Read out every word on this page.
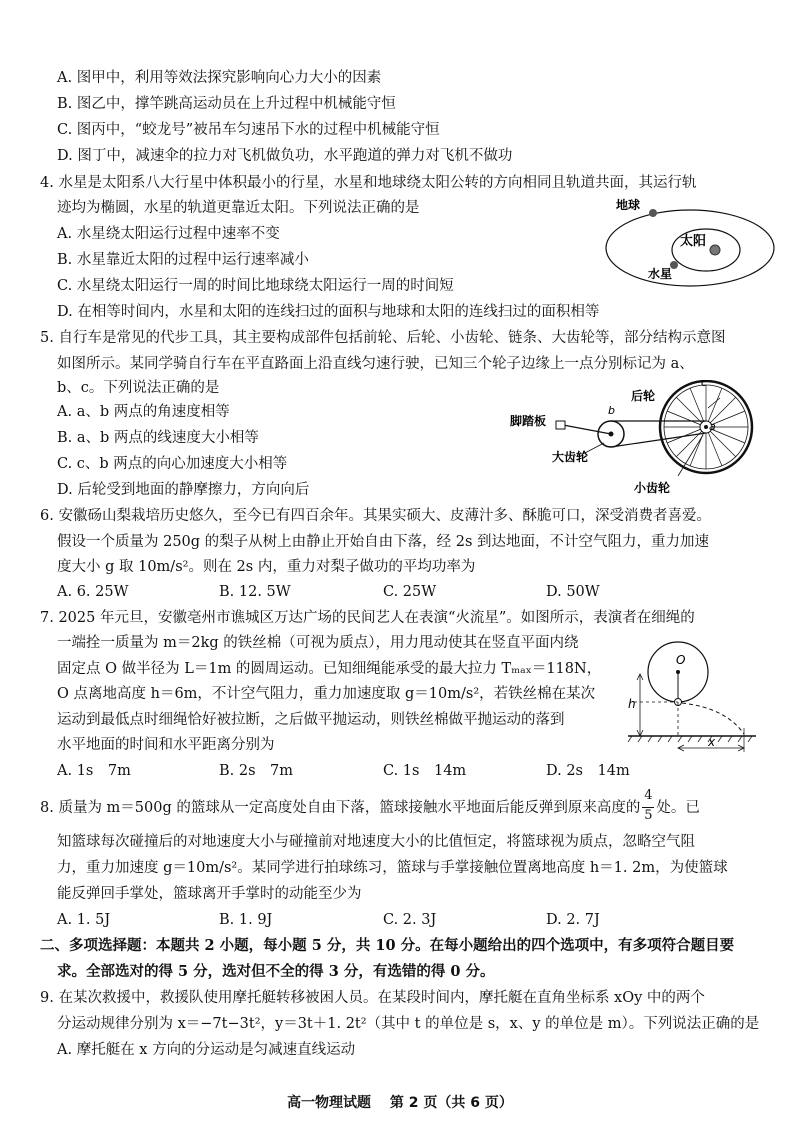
A. 图甲中，利用等效法探究影响向心力大小的因素
B. 图乙中，撑竿跳高运动员在上升过程中机械能守恒
C. 图丙中，“蛟龙号”被吊车匀速吊下水的过程中机械能守恒
D. 图丁中，减速伞的拉力对飞机做负功，水平跑道的弹力对飞机不做功
4. 水星是太阳系八大行星中体积最小的行星，水星和地球绕太阳公转的方向相同且轨道共面，其运行轨
迹均为椭圆，水星的轨道更靠近太阳。下列说法正确的是
A. 水星绕太阳运行过程中速率不变
B. 水星靠近太阳的过程中运行速率减小
C. 水星绕太阳运行一周的时间比地球绕太阳运行一周的时间短
D. 在相等时间内，水星和太阳的连线扫过的面积与地球和太阳的连线扫过的面积相等
地球
太阳
水星
5. 自行车是常见的代步工具，其主要构成部件包括前轮、后轮、小齿轮、链条、大齿轮等，部分结构示意图
如图所示。某同学骑自行车在平直路面上沿直线匀速行驶，已知三个轮子边缘上一点分别标记为 a、
b、c。下列说法正确的是
A. a、b 两点的角速度相等
B. a、b 两点的线速度大小相等
C. c、b 两点的向心加速度大小相等
D. 后轮受到地面的静摩擦力，方向向后
c
a
b
后轮
脚踏板
大齿轮
小齿轮
6. 安徽砀山梨栽培历史悠久，至今已有四百余年。其果实硕大、皮薄汁多、酥脆可口，深受消费者喜爱。
假设一个质量为 250g 的梨子从树上由静止开始自由下落，经 2s 到达地面，不计空气阻力，重力加速
度大小 g 取 10m/s²。则在 2s 内，重力对梨子做功的平均功率为
A. 6. 25W	B. 12. 5W	C. 25W	D. 50W
7. 2025 年元旦，安徽亳州市谯城区万达广场的民间艺人在表演“火流星”。如图所示，表演者在细绳的
一端拴一质量为 m＝2kg 的铁丝棉（可视为质点），用力甩动使其在竖直平面内绕
固定点 O 做半径为 L＝1m 的圆周运动。已知细绳能承受的最大拉力 Tₘₐₓ＝118N，
O 点离地高度 h＝6m，不计空气阻力，重力加速度取 g＝10m/s²，若铁丝棉在某次
运动到最低点时细绳恰好被拉断，之后做平抛运动，则铁丝棉做平抛运动的落到
水平地面的时间和水平距离分别为
A. 1s　7m	B. 2s　7m	C. 1s　14m	D. 2s　14m
O
h
x
8. 质量为 m＝500g 的篮球从一定高度处自由下落，篮球接触水平地面后能反弹到原来高度的 $\frac{4}{5}$ 处。已
知篮球每次碰撞后的对地速度大小与碰撞前对地速度大小的比值恒定，将篮球视为质点，忽略空气阻
力，重力加速度 g＝10m/s²。某同学进行拍球练习，篮球与手掌接触位置离地高度 h＝1. 2m，为使篮球
能反弹回手掌处，篮球离开手掌时的动能至少为
A. 1. 5J	B. 1. 9J	C. 2. 3J	D. 2. 7J
二、多项选择题：本题共 2 小题，每小题 5 分，共 10 分。在每小题给出的四个选项中，有多项符合题目要
求。全部选对的得 5 分，选对但不全的得 3 分，有选错的得 0 分。
9. 在某次救援中，救援队使用摩托艇转移被困人员。在某段时间内，摩托艇在直角坐标系 xOy 中的两个
分运动规律分别为 x＝−7t−3t²，y＝3t＋1. 2t²（其中 t 的单位是 s，x、y 的单位是 m）。下列说法正确的是
A. 摩托艇在 x 方向的分运动是匀减速直线运动
高一物理试题　 第 2 页（共 6 页）
